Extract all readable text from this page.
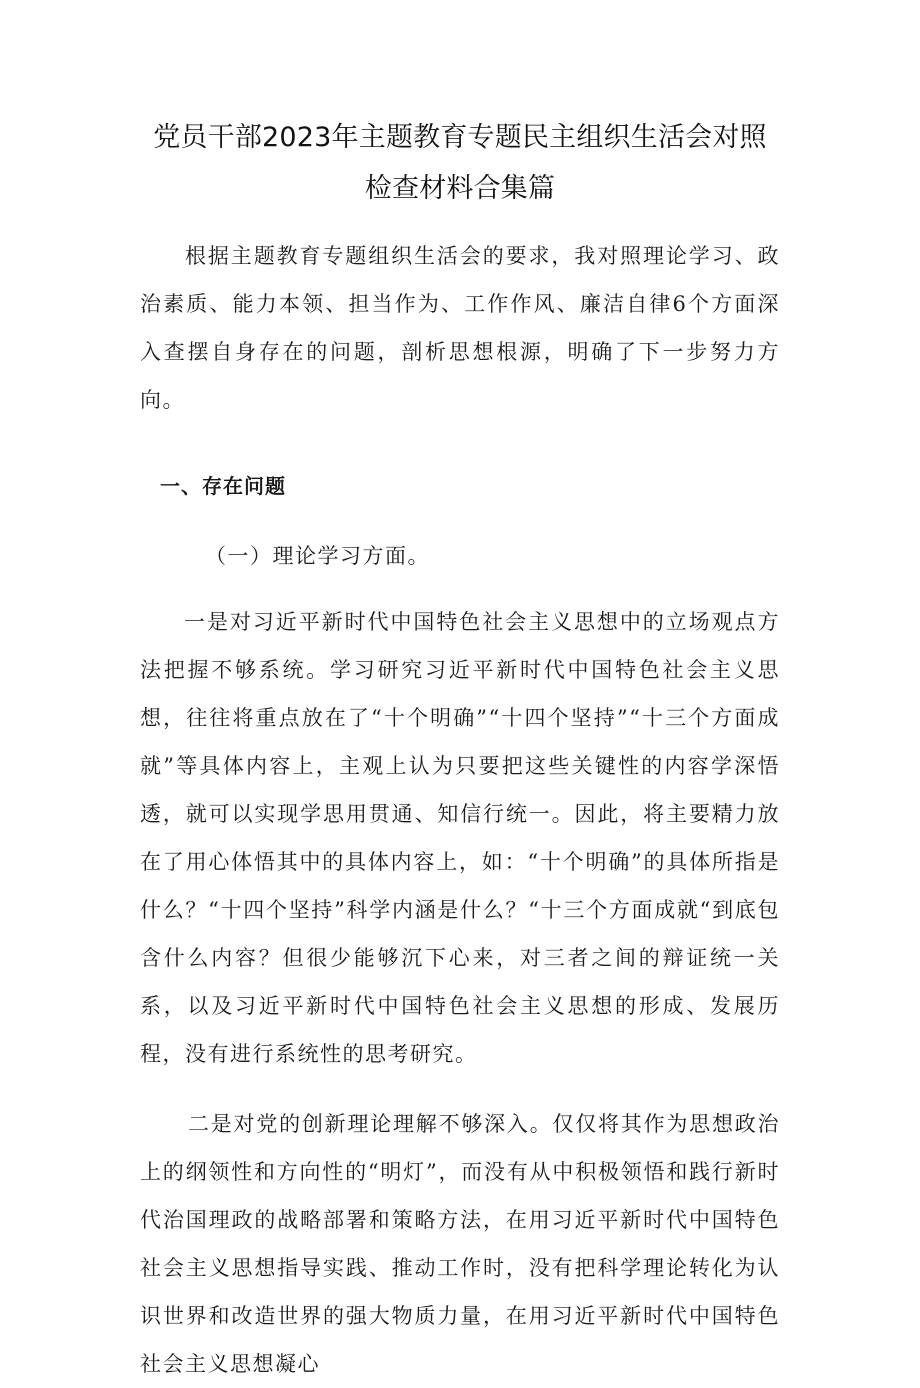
党员干部2023年主题教育专题民主组织生活会对照
检查材料合集篇

根据主题教育专题组织生活会的要求，我对照理论学习、政治素质、能力本领、担当作为、工作作风、廉洁自律6个方面深入查摆自身存在的问题，剖析思想根源，明确了下一步努力方向。

一、存在问题

（一）理论学习方面。

一是对习近平新时代中国特色社会主义思想中的立场观点方法把握不够系统。学习研究习近平新时代中国特色社会主义思想，往往将重点放在了“十个明确”“十四个坚持”“十三个方面成就”等具体内容上，主观上认为只要把这些关键性的内容学深悟透，就可以实现学思用贯通、知信行统一。因此，将主要精力放在了用心体悟其中的具体内容上，如：“十个明确”的具体所指是什么？“十四个坚持”科学内涵是什么？“十三个方面成就“到底包含什么内容？但很少能够沉下心来，对三者之间的辩证统一关系，以及习近平新时代中国特色社会主义思想的形成、发展历程，没有进行系统性的思考研究。

二是对党的创新理论理解不够深入。仅仅将其作为思想政治上的纲领性和方向性的“明灯”，而没有从中积极领悟和践行新时代治国理政的战略部署和策略方法，在用习近平新时代中国特色社会主义思想指导实践、推动工作时，没有把科学理论转化为认识世界和改造世界的强大物质力量，在用习近平新时代中国特色社会主义思想凝心
